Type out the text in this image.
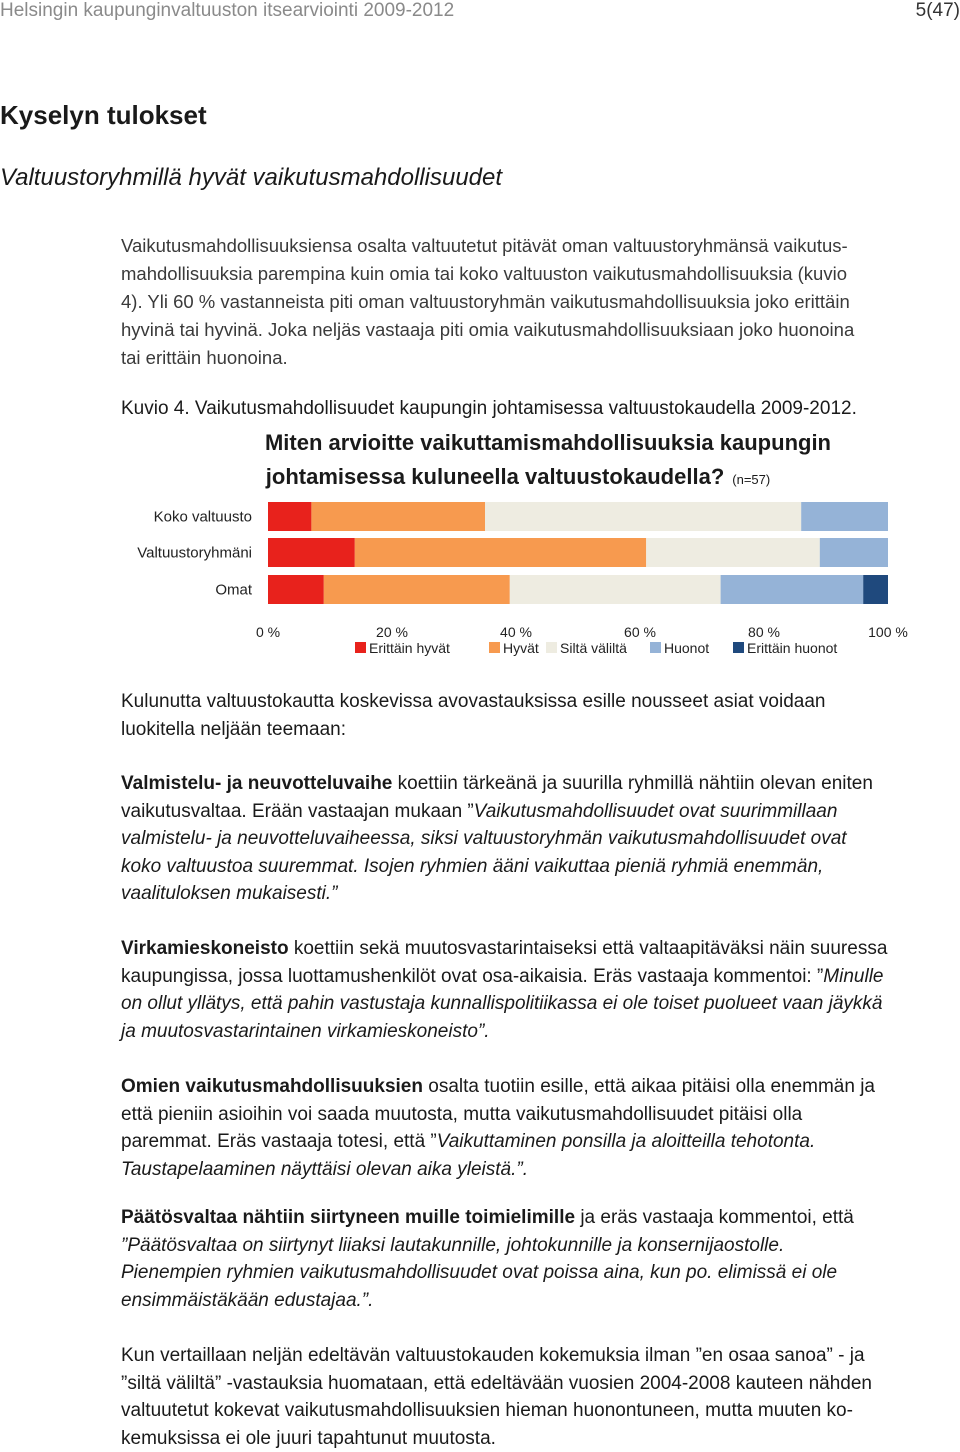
Helsingin kaupunginvaltuuston itsearviointi 2009-2012	5(47)
Kyselyn tulokset
Valtuustoryhmillä hyvät vaikutusmahdollisuudet
Vaikutusmahdollisuuksiensa osalta valtuutetut pitävät oman valtuustoryhmänsä vaikutus-
mahdollisuuksia parempina kuin omia tai koko valtuuston vaikutusmahdollisuuksia (kuvio
4). Yli 60 % vastanneista piti oman valtuustoryhmän vaikutusmahdollisuuksia joko erittäin
hyvinä tai hyvinä. Joka neljäs vastaaja piti omia vaikutusmahdollisuuksiaan joko huonoina
tai erittäin huonoina.
Kuvio 4. Vaikutusmahdollisuudet kaupungin johtamisessa valtuustokaudella 2009-2012.
Miten arvioitte vaikuttamismahdollisuuksia kaupungin
johtamisessa kuluneella valtuustokaudella? (n=57)
Koko valtuusto
Valtuustoryhmäni
Omat
0 %	20 %	40 %	60 %	80 %	100 %
Erittäin hyvät	Hyvät Siltä väliltä	Huonot	Erittäin huonot
Kulunutta valtuustokautta koskevissa avovastauksissa esille nousseet asiat voidaan
luokitella neljään teemaan:
Valmistelu- ja neuvotteluvaihe koettiin tärkeänä ja suurilla ryhmillä nähtiin olevan eniten
vaikutusvaltaa. Erään vastaajan mukaan ”Vaikutusmahdollisuudet ovat suurimmillaan
valmistelu- ja neuvotteluvaiheessa, siksi valtuustoryhmän vaikutusmahdollisuudet ovat
koko valtuustoa suuremmat. Isojen ryhmien ääni vaikuttaa pieniä ryhmiä enemmän,
vaalituloksen mukaisesti.”
Virkamieskoneisto koettiin sekä muutosvastarintaiseksi että valtaapitäväksi näin suuressa
kaupungissa, jossa luottamushenkilöt ovat osa-aikaisia. Eräs vastaaja kommentoi: ”Minulle
on ollut yllätys, että pahin vastustaja kunnallispolitiikassa ei ole toiset puolueet vaan jäykkä
ja muutosvastarintainen virkamieskoneisto”.
Omien vaikutusmahdollisuuksien osalta tuotiin esille, että aikaa pitäisi olla enemmän ja
että pieniin asioihin voi saada muutosta, mutta vaikutusmahdollisuudet pitäisi olla
paremmat. Eräs vastaaja totesi, että ”Vaikuttaminen ponsilla ja aloitteilla tehotonta.
Taustapelaaminen näyttäisi olevan aika yleistä.”.
Päätösvaltaa nähtiin siirtyneen muille toimielimille ja eräs vastaaja kommentoi, että
”Päätösvaltaa on siirtynyt liiaksi lautakunnille, johtokunnille ja konsernijaostolle.
Pienempien ryhmien vaikutusmahdollisuudet ovat poissa aina, kun po. elimissä ei ole
ensimmäistäkään edustajaa.”.
Kun vertaillaan neljän edeltävän valtuustokauden kokemuksia ilman ”en osaa sanoa” - ja
”siltä väliltä” -vastauksia huomataan, että edeltävään vuosien 2004-2008 kauteen nähden
valtuutetut kokevat vaikutusmahdollisuuksien hieman huonontuneen, mutta muuten ko-
kemuksissa ei ole juuri tapahtunut muutosta.
